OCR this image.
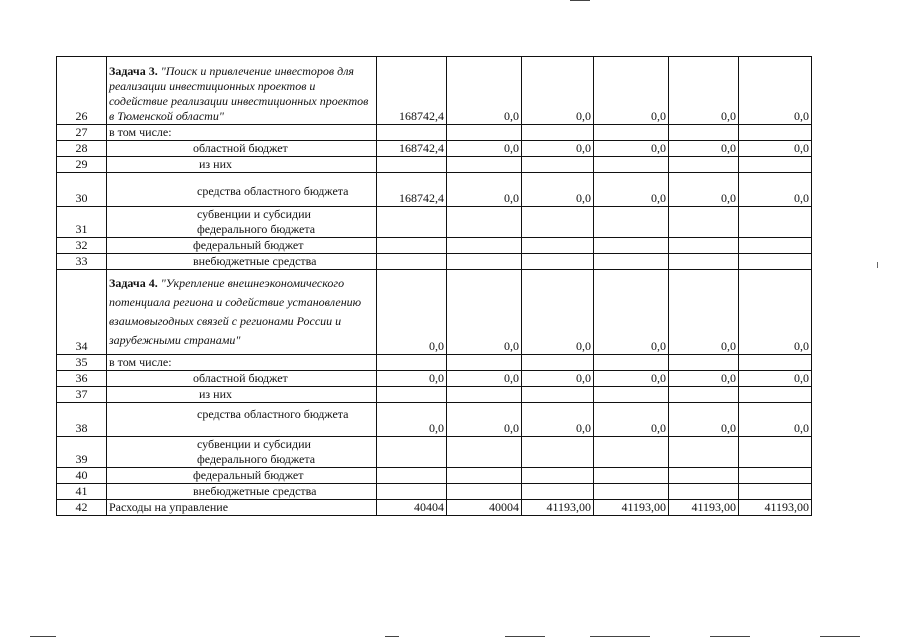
26	Задача 3. "Поиск и привлечение инвесторов для реализации инвестиционных проектов и содействие реализации инвестиционных проектов в Тюменской области"	168742,4	0,0	0,0	0,0	0,0	0,0
27	в том числе:						
28	областной бюджет	168742,4	0,0	0,0	0,0	0,0	0,0
29	из них						
30	средства областного бюджета	168742,4	0,0	0,0	0,0	0,0	0,0
31	субвенции и субсидии
федерального бюджета						

32	федеральный бюджет						
33	внебюджетные средства						
34	Задача 4. "Укрепление внешнеэкономического потенциала региона и содействие установлению взаимовыгодных связей с регионами России и зарубежными странами"	0,0	0,0	0,0	0,0	0,0	0,0
35	в том числе:						
36	областной бюджет	0,0	0,0	0,0	0,0	0,0	0,0
37	из них						
38	средства областного бюджета	0,0	0,0	0,0	0,0	0,0	0,0
39	субвенции и субсидии
федерального бюджета						

40	федеральный бюджет						
41	внебюджетные средства						
42	Расходы на управление	40404	40004	41193,00	41193,00	41193,00	41193,00
